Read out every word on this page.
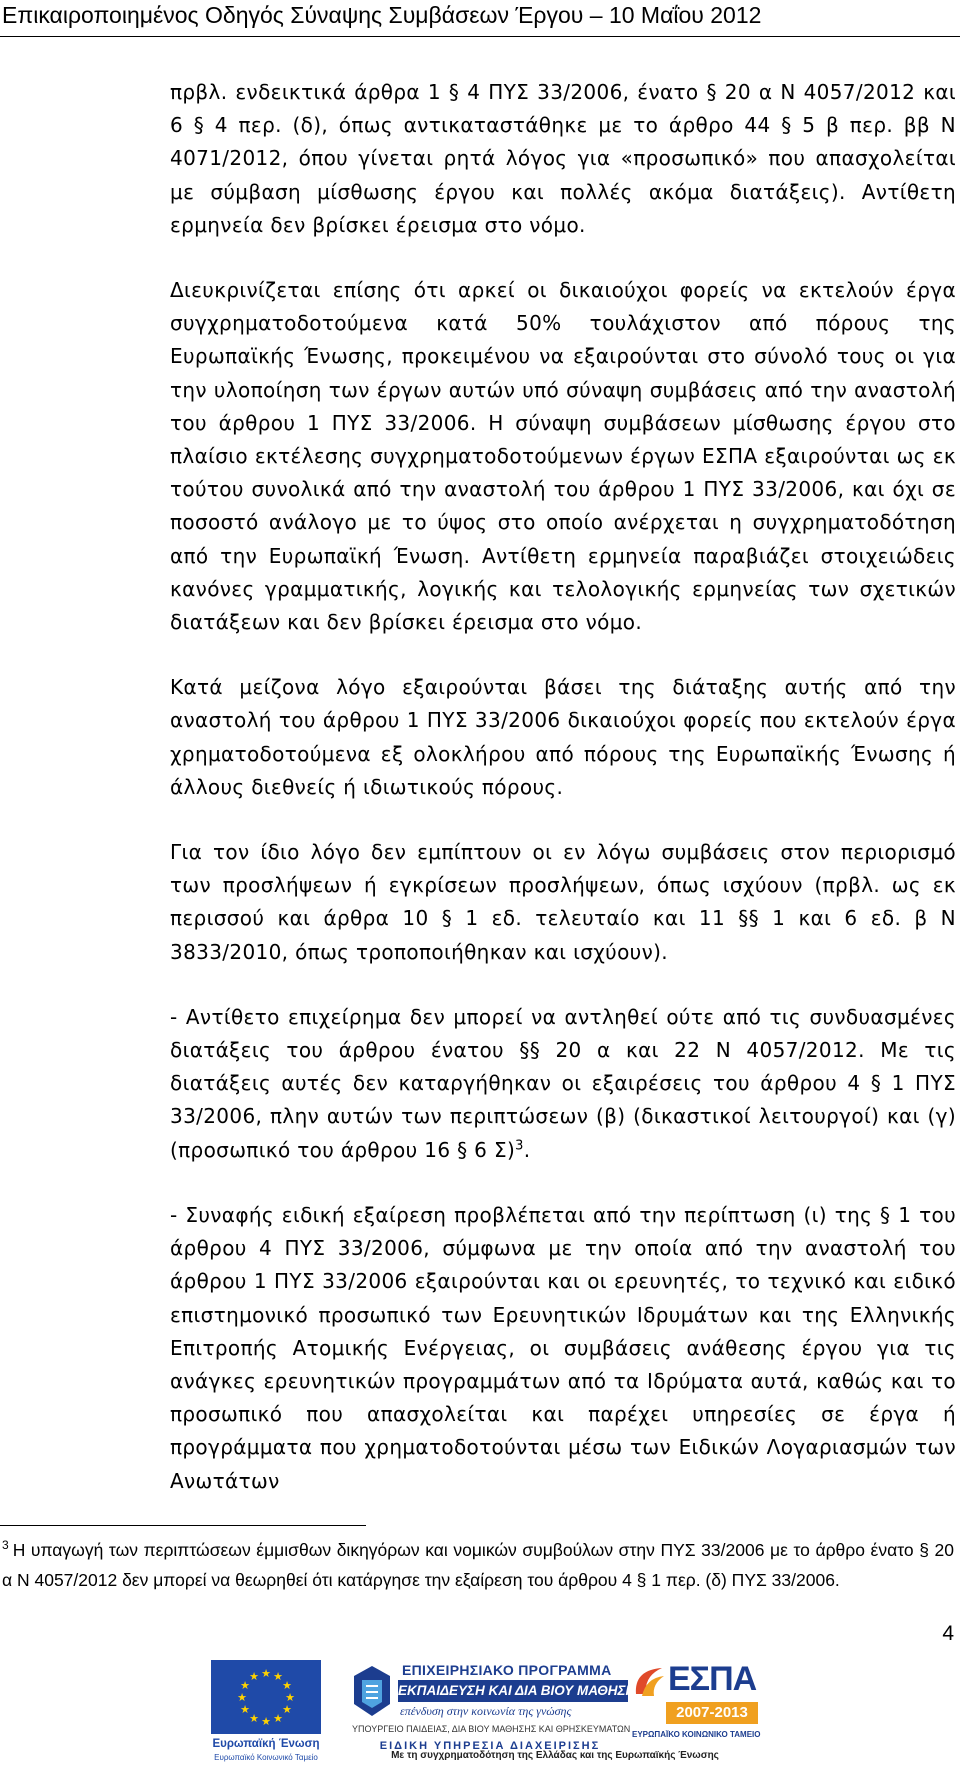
Επικαιροποιημένος Οδηγός Σύναψης Συμβάσεων Έργου – 10 Μαΐου 2012

πρβλ. ενδεικτικά άρθρα 1 § 4 ΠΥΣ 33/2006, ένατο § 20 α Ν 4057/2012 και 6 § 4 περ. (δ), όπως αντικαταστάθηκε με το άρθρο 44 § 5 β περ. ββ Ν 4071/2012, όπου γίνεται ρητά λόγος για «προσωπικό» που απασχολείται με σύμβαση μίσθωσης έργου και πολλές ακόμα διατάξεις). Αντίθετη ερμηνεία δεν βρίσκει έρεισμα στο νόμο.

Διευκρινίζεται επίσης ότι αρκεί οι δικαιούχοι φορείς να εκτελούν έργα συγχρηματοδοτούμενα κατά 50% τουλάχιστον από πόρους της Ευρωπαϊκής Ένωσης, προκειμένου να εξαιρούνται στο σύνολό τους οι για την υλοποίηση των έργων αυτών υπό σύναψη συμβάσεις από την αναστολή του άρθρου 1 ΠΥΣ 33/2006. Η σύναψη συμβάσεων μίσθωσης έργου στο πλαίσιο εκτέλεσης συγχρηματοδοτούμενων έργων ΕΣΠΑ εξαιρούνται ως εκ τούτου συνολικά από την αναστολή του άρθρου 1 ΠΥΣ 33/2006, και όχι σε ποσοστό ανάλογο με το ύψος στο οποίο ανέρχεται η συγχρηματοδότηση από την Ευρωπαϊκή Ένωση. Αντίθετη ερμηνεία παραβιάζει στοιχειώδεις κανόνες γραμματικής, λογικής και τελολογικής ερμηνείας των σχετικών διατάξεων και δεν βρίσκει έρεισμα στο νόμο.

Κατά μείζονα λόγο εξαιρούνται βάσει της διάταξης αυτής από την αναστολή του άρθρου 1 ΠΥΣ 33/2006 δικαιούχοι φορείς που εκτελούν έργα χρηματοδοτούμενα εξ ολοκλήρου από πόρους της Ευρωπαϊκής Ένωσης ή άλλους διεθνείς ή ιδιωτικούς πόρους.

Για τον ίδιο λόγο δεν εμπίπτουν οι εν λόγω συμβάσεις στον περιορισμό των προσλήψεων ή εγκρίσεων προσλήψεων, όπως ισχύουν (πρβλ. ως εκ περισσού και άρθρα 10 § 1 εδ. τελευταίο και 11 §§ 1 και 6 εδ. β Ν 3833/2010, όπως τροποποιήθηκαν και ισχύουν).

- Αντίθετο επιχείρημα δεν μπορεί να αντληθεί ούτε από τις συνδυασμένες διατάξεις του άρθρου ένατου §§ 20 α και 22 Ν 4057/2012. Με τις διατάξεις αυτές δεν καταργήθηκαν οι εξαιρέσεις του άρθρου 4 § 1 ΠΥΣ 33/2006, πλην αυτών των περιπτώσεων (β) (δικαστικοί λειτουργοί) και (γ) (προσωπικό του άρθρου 16 § 6 Σ)$^3$.

- Συναφής ειδική εξαίρεση προβλέπεται από την περίπτωση (ι) της § 1 του άρθρου 4 ΠΥΣ 33/2006, σύμφωνα με την οποία από την αναστολή του άρθρου 1 ΠΥΣ 33/2006 εξαιρούνται και οι ερευνητές, το τεχνικό και ειδικό επιστημονικό προσωπικό των Ερευνητικών Ιδρυμάτων και της Ελληνικής Επιτροπής Ατομικής Ενέργειας, οι συμβάσεις ανάθεσης έργου για τις ανάγκες ερευνητικών προγραμμάτων από τα Ιδρύματα αυτά, καθώς και το προσωπικό που απασχολείται και παρέχει υπηρεσίες σε έργα ή προγράμματα που χρηματοδοτούνται μέσω των Ειδικών Λογαριασμών των Ανωτάτων

$^3$ Η υπαγωγή των περιπτώσεων έμμισθων δικηγόρων και νομικών συμβούλων στην ΠΥΣ 33/2006 με το άρθρο ένατο § 20 α Ν 4057/2012 δεν μπορεί να θεωρηθεί ότι κατάργησε την εξαίρεση του άρθρου 4 § 1 περ. (δ) ΠΥΣ 33/2006.
4
★ ★
★
★
★
★
★
★
★
★
★
★
Ευρωπαϊκή Ένωση
Ευρωπαϊκό Κοινωνικό Ταμείο
ΕΠΙΧΕΙΡΗΣΙΑΚΟ ΠΡΟΓΡΑΜΜΑ
ΕΚΠΑΙΔΕΥΣΗ ΚΑΙ ΔΙΑ ΒΙΟΥ ΜΑΘΗΣΗ
επένδυση στην κοινωνία της γνώσης
ΥΠΟΥΡΓΕΙΟ ΠΑΙΔΕΙΑΣ, ΔΙΑ ΒΙΟΥ ΜΑΘΗΣΗΣ ΚΑΙ ΘΡΗΣΚΕΥΜΑΤΩΝ
ΕΙΔΙΚΗ ΥΠΗΡΕΣΙΑ ΔΙΑΧΕΙΡΙΣΗΣ
ΕΣΠΑ
2007-2013
ΕΥΡΩΠΑΪΚΟ ΚΟΙΝΩΝΙΚΟ ΤΑΜΕΙΟ
Με τη συγχρηματοδότηση της Ελλάδας και της Ευρωπαϊκής Ένωσης
